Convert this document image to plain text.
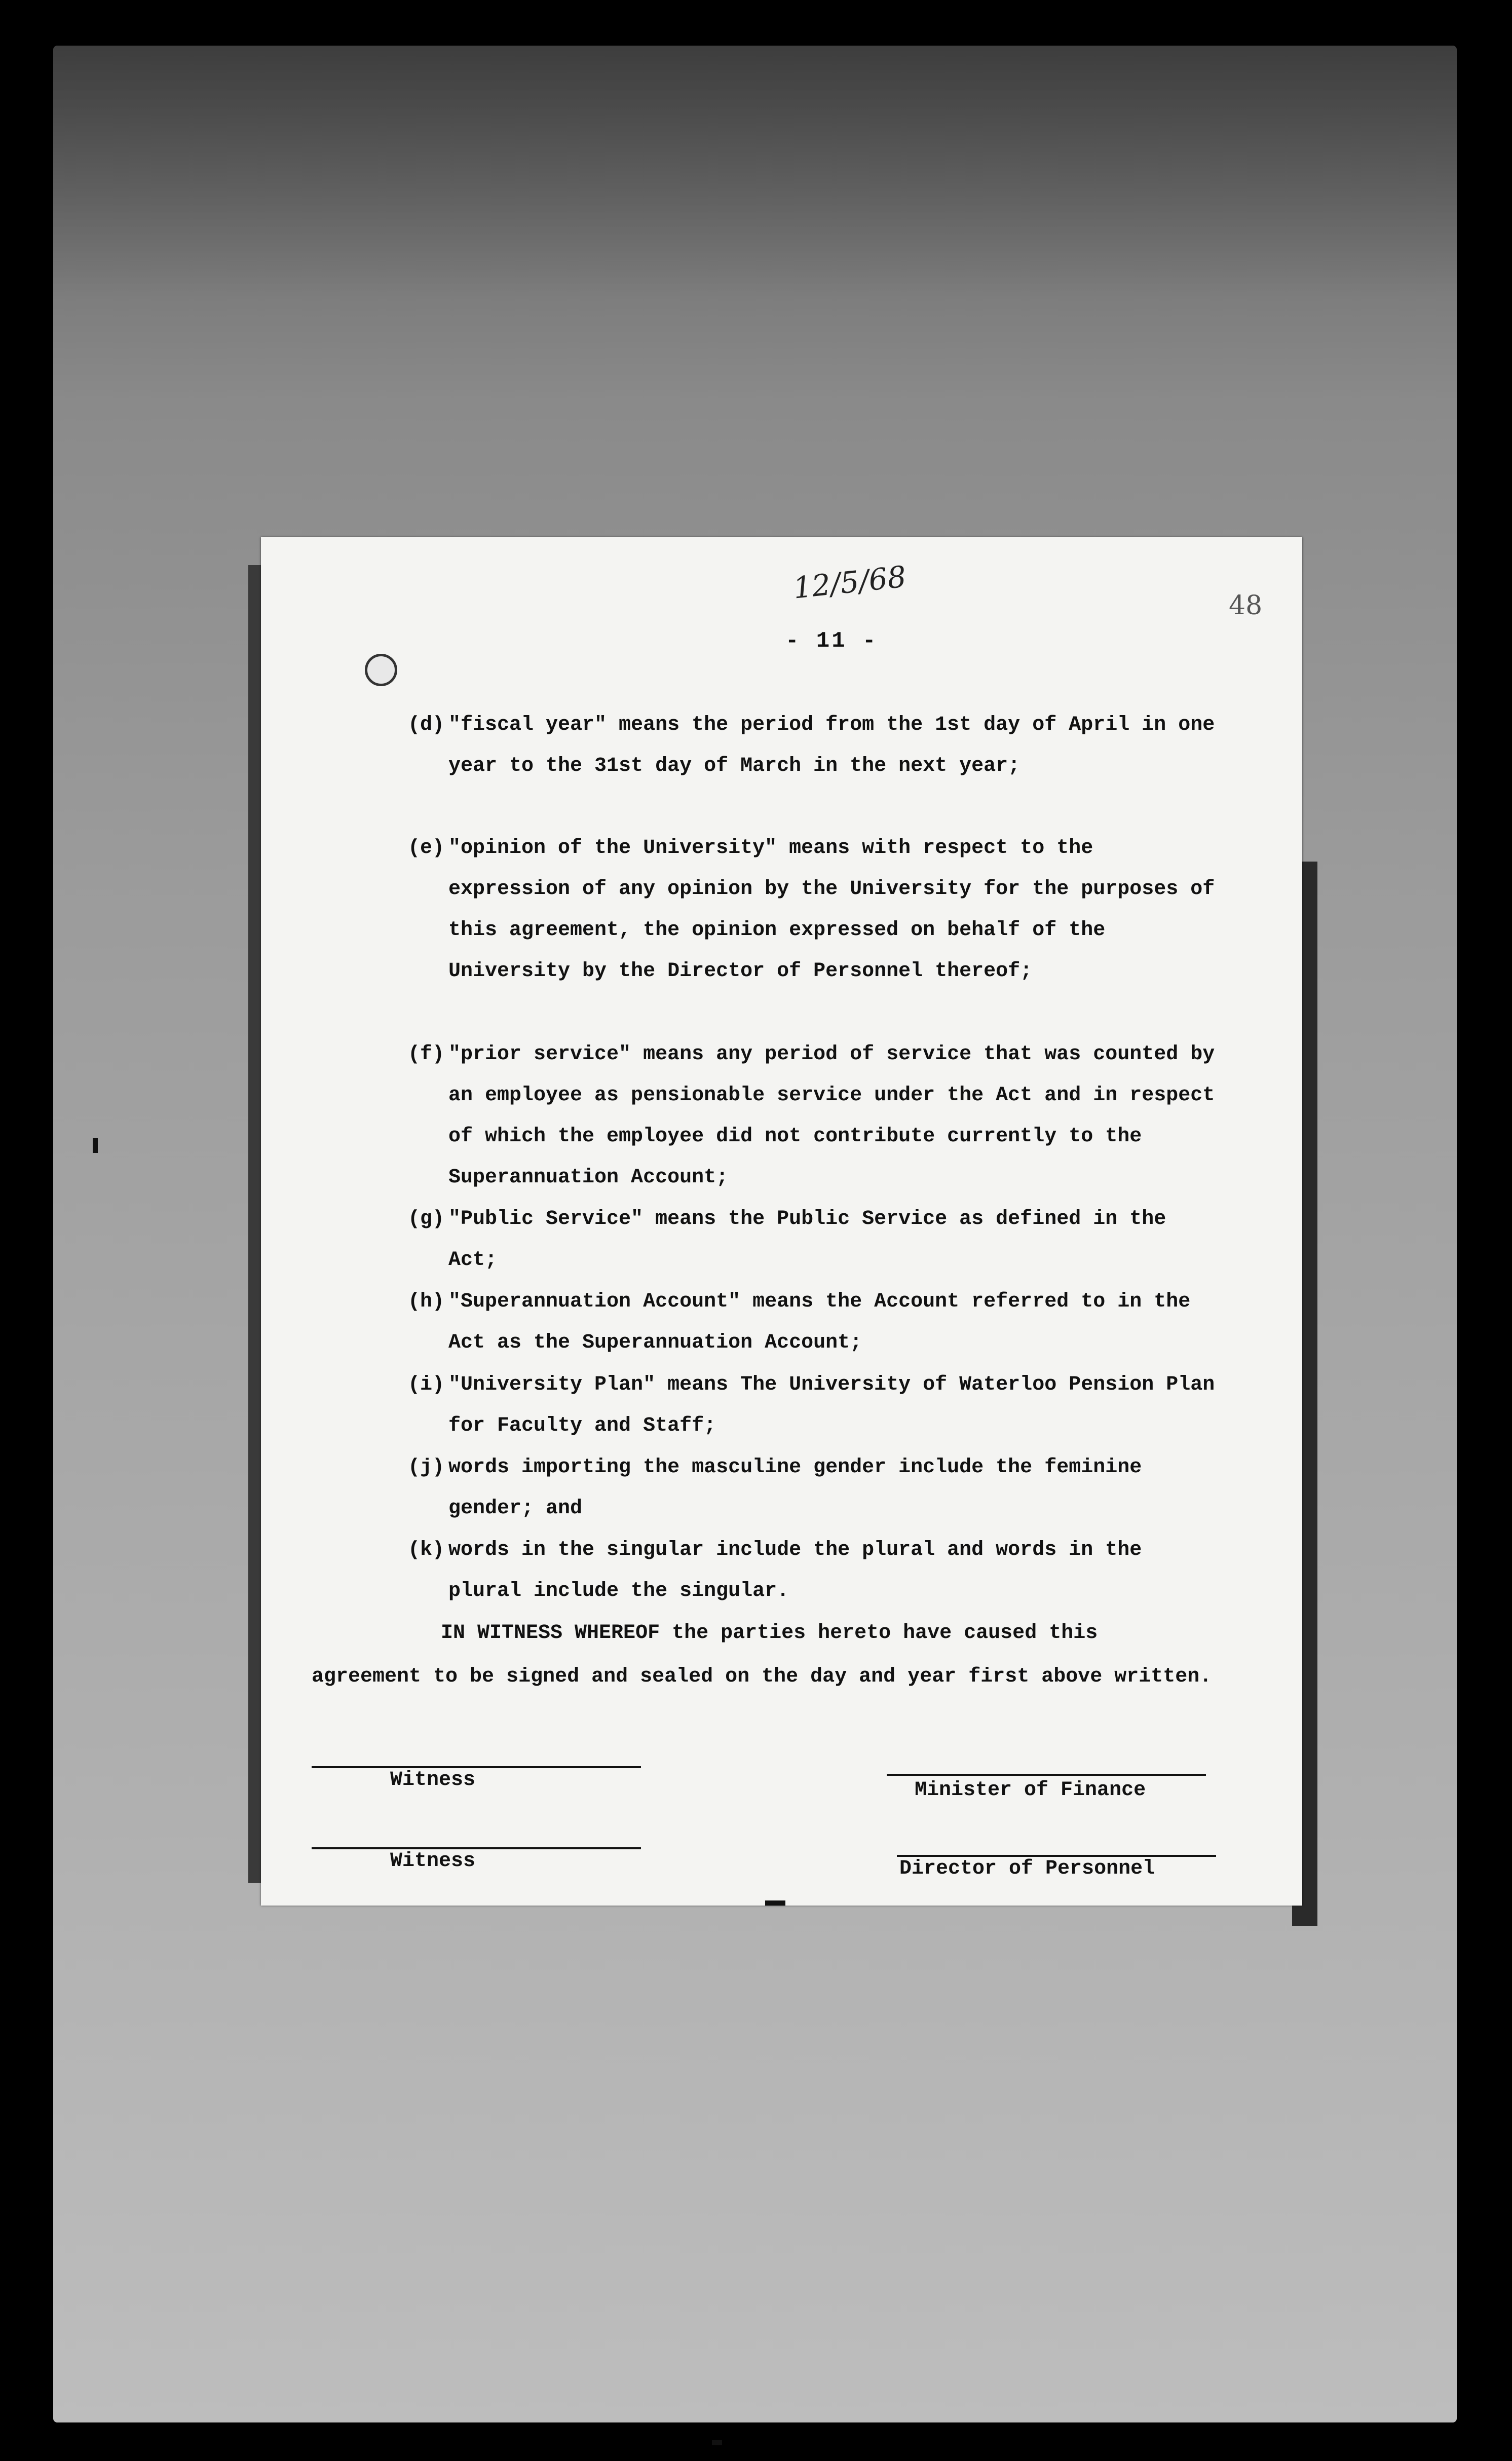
12/5/68
48
- 11 -
(d) "fiscal year" means the period from the 1st day of April in one year to the 31st day of March in the next year;
(e) "opinion of the University" means with respect to the expression of any opinion by the University for the purposes of this agreement, the opinion expressed on behalf of the University by the Director of Personnel thereof;
(f) "prior service" means any period of service that was counted by an employee as pensionable service under the Act and in respect of which the employee did not contribute currently to the Superannuation Account;
(g) "Public Service" means the Public Service as defined in the Act;
(h) "Superannuation Account" means the Account referred to in the Act as the Superannuation Account;
(i) "University Plan" means The University of Waterloo Pension Plan for Faculty and Staff;
(j) words importing the masculine gender include the feminine gender; and
(k) words in the singular include the plural and words in the plural include the singular.
IN WITNESS WHEREOF the parties hereto have caused this agreement to be signed and sealed on the day and year first above written.
Witness	Minister of Finance
Witness	Director of Personnel
